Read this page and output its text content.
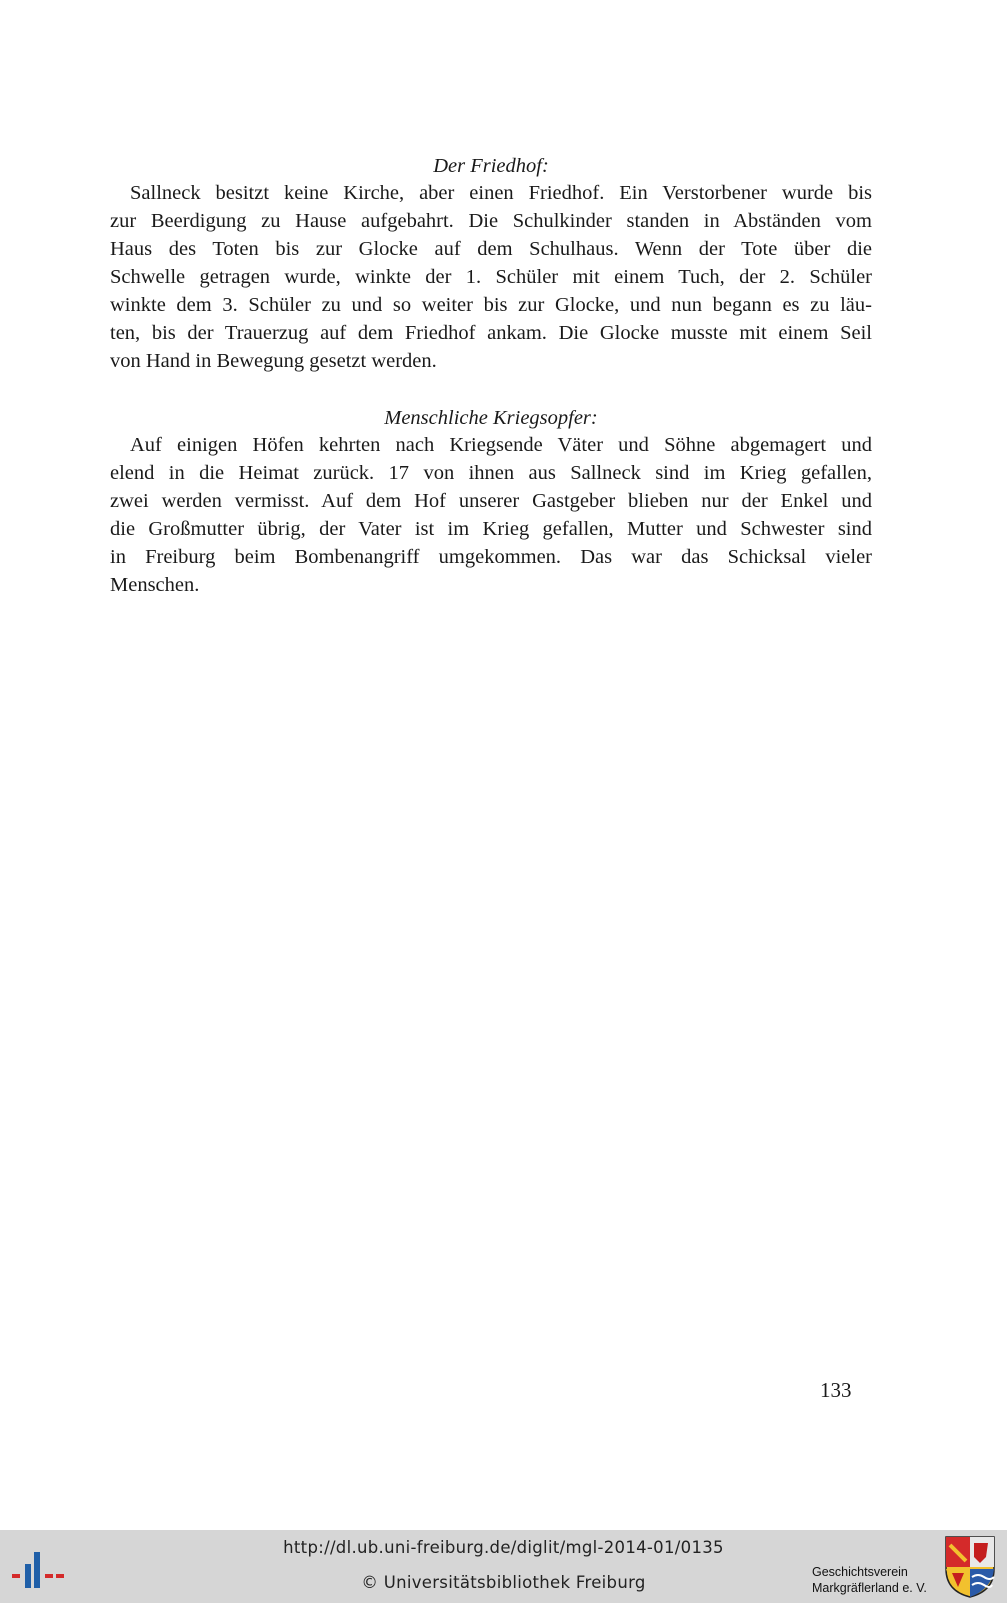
Der Friedhof:
Sallneck besitzt keine Kirche, aber einen Friedhof. Ein Verstorbener wurde bis
zur Beerdigung zu Hause aufgebahrt. Die Schulkinder standen in Abständen vom
Haus des Toten bis zur Glocke auf dem Schulhaus. Wenn der Tote über die
Schwelle getragen wurde, winkte der 1. Schüler mit einem Tuch, der 2. Schüler
winkte dem 3. Schüler zu und so weiter bis zur Glocke, und nun begann es zu läu-
ten, bis der Trauerzug auf dem Friedhof ankam. Die Glocke musste mit einem Seil
von Hand in Bewegung gesetzt werden.
Menschliche Kriegsopfer:
Auf einigen Höfen kehrten nach Kriegsende Väter und Söhne abgemagert und
elend in die Heimat zurück. 17 von ihnen aus Sallneck sind im Krieg gefallen,
zwei werden vermisst. Auf dem Hof unserer Gastgeber blieben nur der Enkel und
die Großmutter übrig, der Vater ist im Krieg gefallen, Mutter und Schwester sind
in Freiburg beim Bombenangriff umgekommen. Das war das Schicksal vieler
Menschen.
133
http://dl.ub.uni-freiburg.de/diglit/mgl-2014-01/0135
© Universitätsbibliothek Freiburg
Geschichtsverein
Markgräflerland e. V.
